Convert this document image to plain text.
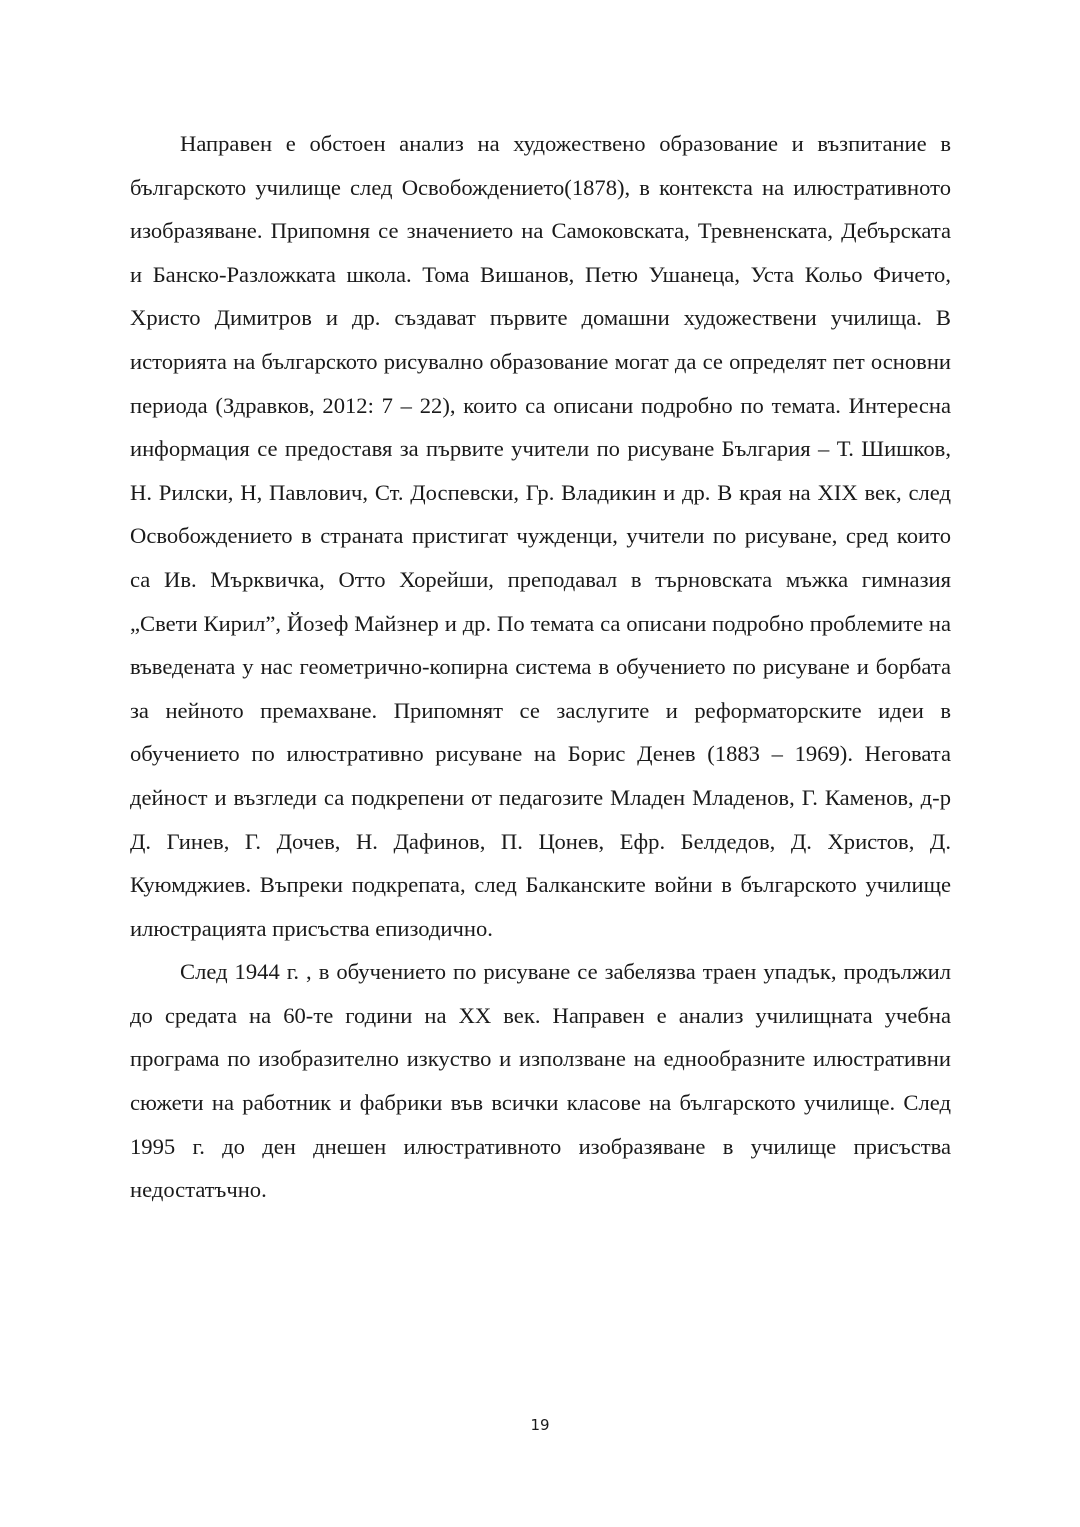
Направен е обстоен анализ на художествено образование и възпитание в българското училище след Освобождението(1878), в контекста на илюстративното изобразяване. Припомня се значението на Самоковската, Тревненската, Дебърската и Банско-Разложката школа. Тома Вишанов, Петю Ушанеца, Уста Кольо Фичето, Христо Димитров и др. създават първите домашни художествени училища. В историята на българското рисувално образование могат да се определят пет основни периода (Здравков, 2012: 7 – 22), които са описани подробно по темата. Интересна информация се предоставя за първите учители по рисуване България – Т. Шишков, Н. Рилски, Н, Павлович, Ст. Доспевски, Гр. Владикин и др. В края на XIX век, след Освобождението в страната пристигат чужденци, учители по рисуване, сред които са Ив. Мърквичка, Отто Хорейши, преподавал в търновската мъжка гимназия „Свети Кирил”, Йозеф Майзнер и др. По темата са описани подробно проблемите на въведената у нас геометрично-копирна система в обучението по рисуване и борбата за нейното премахване. Припомнят се заслугите и реформаторските идеи в обучението по илюстративно рисуване на Борис Денев (1883 – 1969). Неговата дейност и възгледи са подкрепени от педагозите Младен Младенов, Г. Каменов, д-р Д. Гинев, Г. Дочев, Н. Дафинов, П. Цонев, Ефр. Белдедов, Д. Христов, Д. Куюмджиев. Въпреки подкрепата, след Балканските войни в българското училище илюстрацията присъства епизодично.

След 1944 г. , в обучението по рисуване се забелязва траен упадък, продължил до средата на 60-те години на XX век. Направен е анализ училищната учебна програма по изобразително изкуство и използване на еднообразните илюстративни сюжети на работник и фабрики във всички класове на българското училище. След 1995 г. до ден днешен илюстративното изобразяване в училище присъства недостатъчно.

19
